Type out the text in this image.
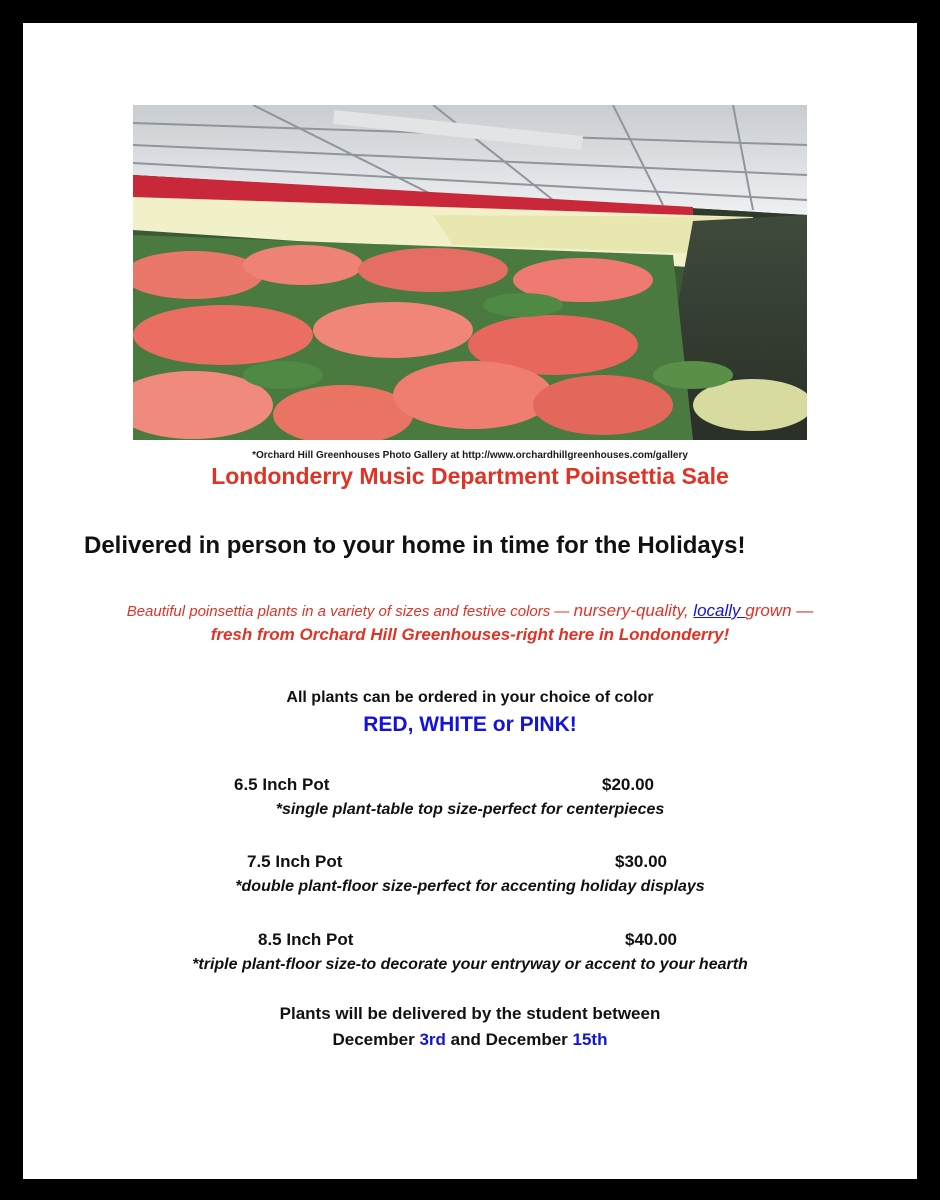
*Orchard Hill Greenhouses Photo Gallery at http://www.orchardhillgreenhouses.com/gallery

Londonderry Music Department Poinsettia Sale

Delivered in person to your home in time for the Holidays!

Beautiful poinsettia plants in a variety of sizes and festive colors — nursery-quality, locally grown —

fresh from Orchard Hill Greenhouses-right here in Londonderry!

All plants can be ordered in your choice of color

RED, WHITE or PINK!

6.5 Inch Pot	$20.00

*single plant-table top size-perfect for centerpieces

7.5 Inch Pot	$30.00

*double plant-floor size-perfect for accenting holiday displays

8.5 Inch Pot	$40.00

*triple plant-floor size-to decorate your entryway or accent to your hearth

Plants will be delivered by the student between

December 3rd and December 15th
